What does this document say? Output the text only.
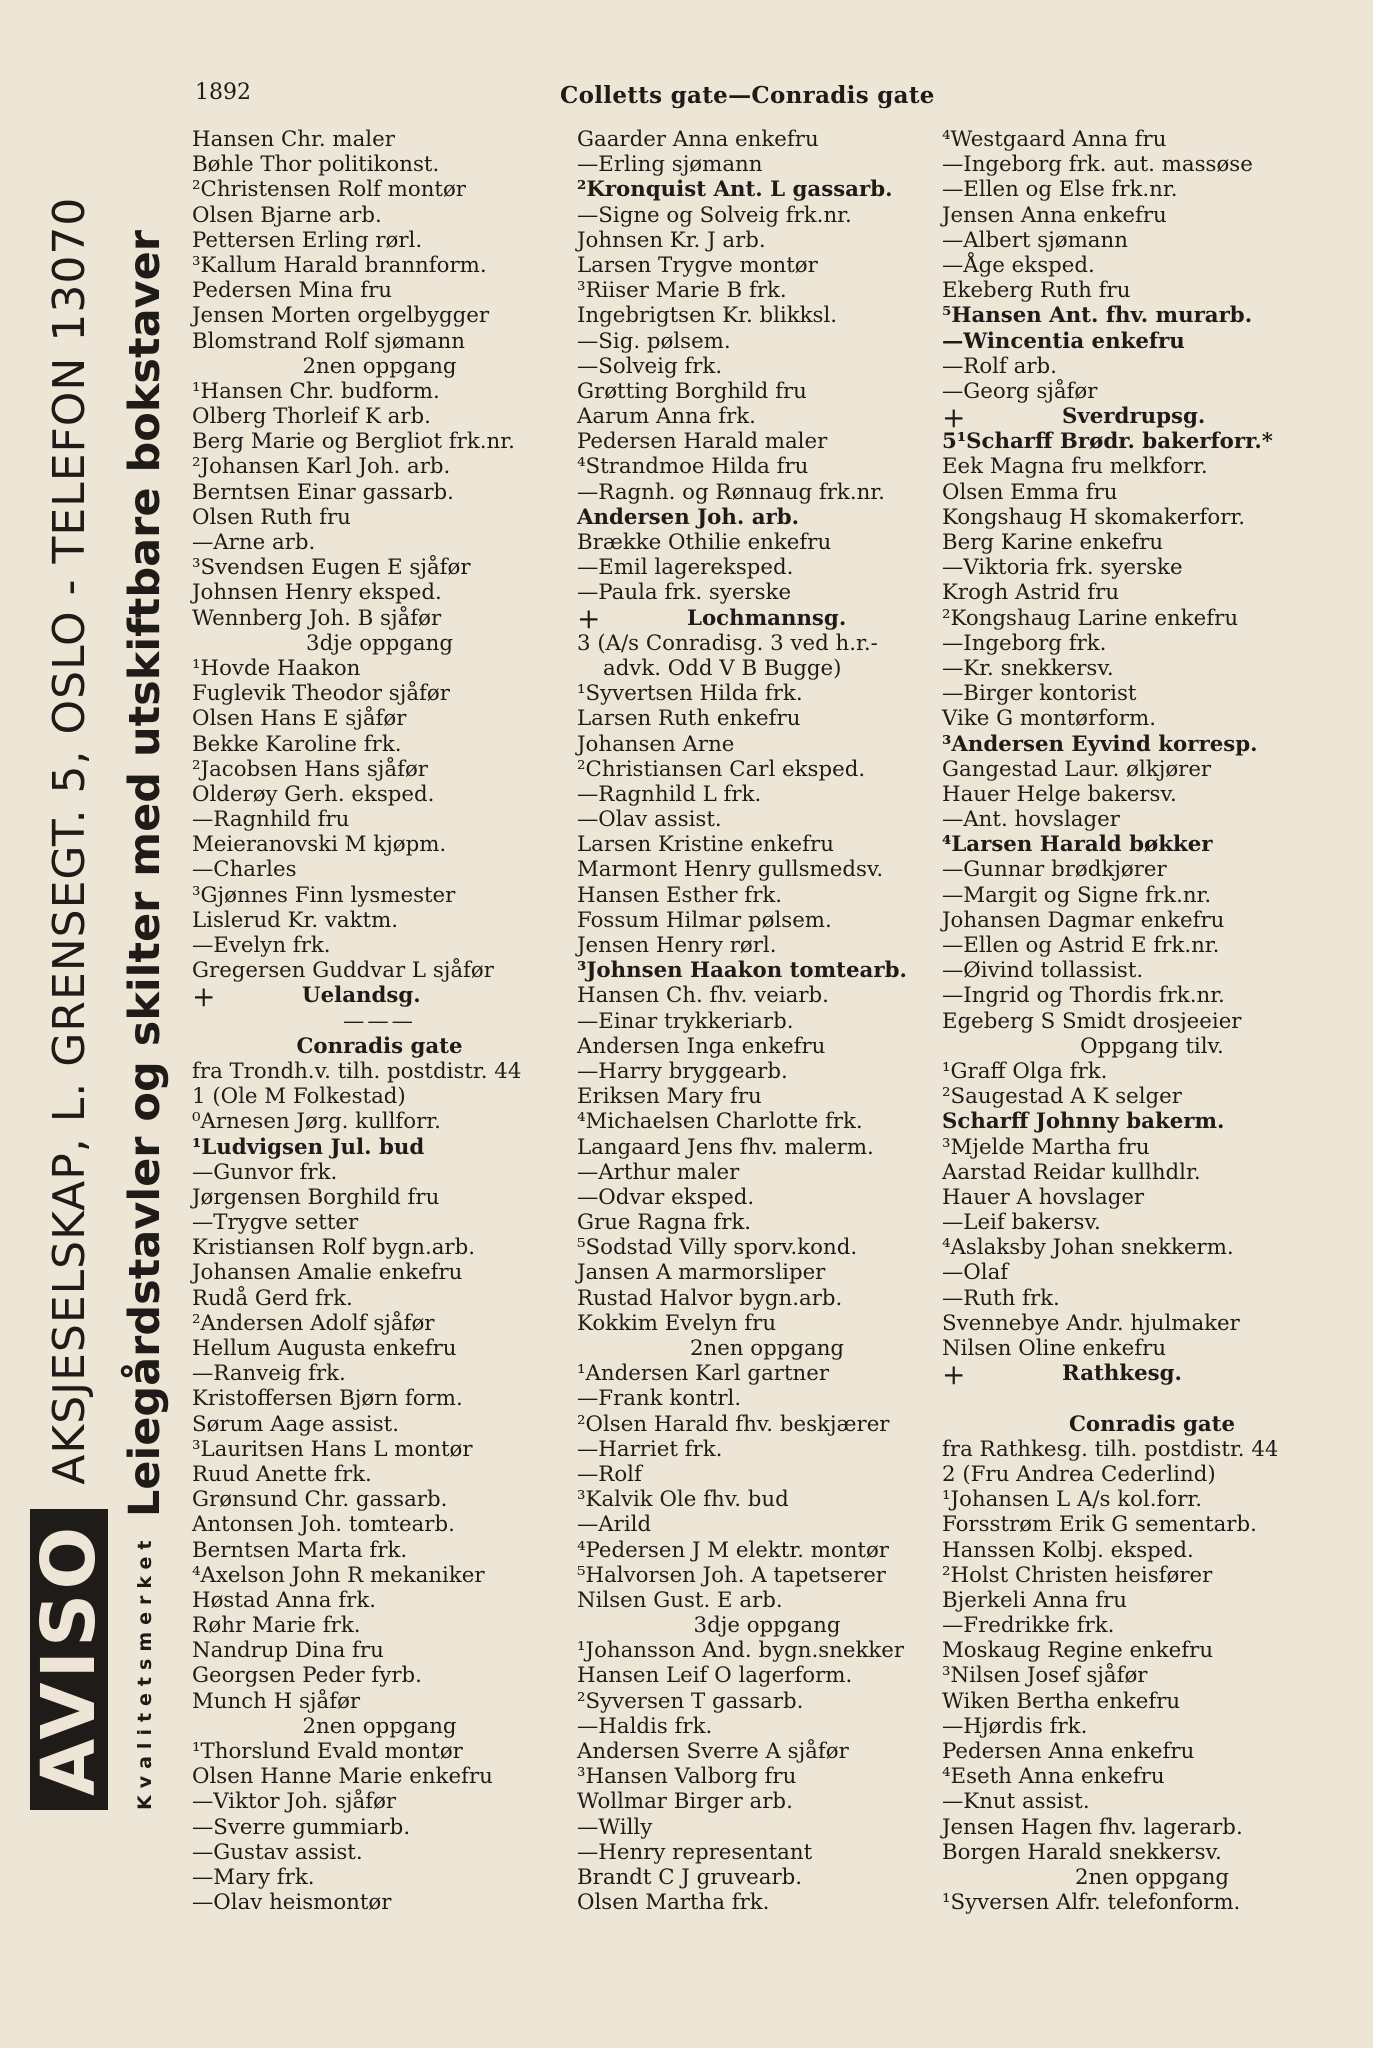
1892	Colletts gate—Conradis gate
AVISO
AKSJESELSKAP, L. GRENSEGT. 5, OSLO - TELEFON 13070
Kvalitetsmerket
Leiegårdstavler og skilter med utskiftbare bokstaver
Hansen Chr. maler
Bøhle Thor politikonst.
²Christensen Rolf montør
Olsen Bjarne arb.
Pettersen Erling rørl.
³Kallum Harald brannform.
Pedersen Mina fru
Jensen Morten orgelbygger
Blomstrand Rolf sjømann
2nen oppgang
¹Hansen Chr. budform.
Olberg Thorleif K arb.
Berg Marie og Bergliot frk.nr.
²Johansen Karl Joh. arb.
Berntsen Einar gassarb.
Olsen Ruth fru
—Arne arb.
³Svendsen Eugen E sjåfør
Johnsen Henry eksped.
Wennberg Joh. B sjåfør
3dje oppgang
¹Hovde Haakon
Fuglevik Theodor sjåfør
Olsen Hans E sjåfør
Bekke Karoline frk.
²Jacobsen Hans sjåfør
Olderøy Gerh. eksped.
—Ragnhild fru
Meieranovski M kjøpm.
—Charles
³Gjønnes Finn lysmester
Lislerud Kr. vaktm.
—Evelyn frk.
Gregersen Guddvar L sjåfør
+	Uelandsg.
———
Conradis gate
fra Trondh.v. tilh. postdistr. 44
1 (Ole M Folkestad)
⁰Arnesen Jørg. kullforr.
¹Ludvigsen Jul. bud
—Gunvor frk.
Jørgensen Borghild fru
—Trygve setter
Kristiansen Rolf bygn.arb.
Johansen Amalie enkefru
Rudå Gerd frk.
²Andersen Adolf sjåfør
Hellum Augusta enkefru
—Ranveig frk.
Kristoffersen Bjørn form.
Sørum Aage assist.
³Lauritsen Hans L montør
Ruud Anette frk.
Grønsund Chr. gassarb.
Antonsen Joh. tomtearb.
Berntsen Marta frk.
⁴Axelson John R mekaniker
Høstad Anna frk.
Røhr Marie frk.
Nandrup Dina fru
Georgsen Peder fyrb.
Munch H sjåfør
2nen oppgang
¹Thorslund Evald montør
Olsen Hanne Marie enkefru
—Viktor Joh. sjåfør
—Sverre gummiarb.
—Gustav assist.
—Mary frk.
—Olav heismontør
Gaarder Anna enkefru
—Erling sjømann
²Kronquist Ant. L gassarb.
—Signe og Solveig frk.nr.
Johnsen Kr. J arb.
Larsen Trygve montør
³Riiser Marie B frk.
Ingebrigtsen Kr. blikksl.
—Sig. pølsem.
—Solveig frk.
Grøtting Borghild fru
Aarum Anna frk.
Pedersen Harald maler
⁴Strandmoe Hilda fru
—Ragnh. og Rønnaug frk.nr.
Andersen Joh. arb.
Brække Othilie enkefru
—Emil lagereksped.
—Paula frk. syerske
+	Lochmannsg.
3 (A/s Conradisg. 3 ved h.r.-
advk. Odd V B Bugge)
¹Syvertsen Hilda frk.
Larsen Ruth enkefru
Johansen Arne
²Christiansen Carl eksped.
—Ragnhild L frk.
—Olav assist.
Larsen Kristine enkefru
Marmont Henry gullsmedsv.
Hansen Esther frk.
Fossum Hilmar pølsem.
Jensen Henry rørl.
³Johnsen Haakon tomtearb.
Hansen Ch. fhv. veiarb.
—Einar trykkeriarb.
Andersen Inga enkefru
—Harry bryggearb.
Eriksen Mary fru
⁴Michaelsen Charlotte frk.
Langaard Jens fhv. malerm.
—Arthur maler
—Odvar eksped.
Grue Ragna frk.
⁵Sodstad Villy sporv.kond.
Jansen A marmorsliper
Rustad Halvor bygn.arb.
Kokkim Evelyn fru
2nen oppgang
¹Andersen Karl gartner
—Frank kontrl.
²Olsen Harald fhv. beskjærer
—Harriet frk.
—Rolf
³Kalvik Ole fhv. bud
—Arild
⁴Pedersen J M elektr. montør
⁵Halvorsen Joh. A tapetserer
Nilsen Gust. E arb.
3dje oppgang
¹Johansson And. bygn.snekker
Hansen Leif O lagerform.
²Syversen T gassarb.
—Haldis frk.
Andersen Sverre A sjåfør
³Hansen Valborg fru
Wollmar Birger arb.
—Willy
—Henry representant
Brandt C J gruvearb.
Olsen Martha frk.
⁴Westgaard Anna fru
—Ingeborg frk. aut. massøse
—Ellen og Else frk.nr.
Jensen Anna enkefru
—Albert sjømann
—Åge eksped.
Ekeberg Ruth fru
⁵Hansen Ant. fhv. murarb.
—Wincentia enkefru
—Rolf arb.
—Georg sjåfør
+	Sverdrupsg.
5¹Scharff Brødr. bakerforr.*
Eek Magna fru melkforr.
Olsen Emma fru
Kongshaug H skomakerforr.
Berg Karine enkefru
—Viktoria frk. syerske
Krogh Astrid fru
²Kongshaug Larine enkefru
—Ingeborg frk.
—Kr. snekkersv.
—Birger kontorist
Vike G montørform.
³Andersen Eyvind korresp.
Gangestad Laur. ølkjører
Hauer Helge bakersv.
—Ant. hovslager
⁴Larsen Harald bøkker
—Gunnar brødkjører
—Margit og Signe frk.nr.
Johansen Dagmar enkefru
—Ellen og Astrid E frk.nr.
—Øivind tollassist.
—Ingrid og Thordis frk.nr.
Egeberg S Smidt drosjeeier
Oppgang tilv.
¹Graff Olga frk.
²Saugestad A K selger
Scharff Johnny bakerm.
³Mjelde Martha fru
Aarstad Reidar kullhdlr.
Hauer A hovslager
—Leif bakersv.
⁴Aslaksby Johan snekkerm.
—Olaf
—Ruth frk.
Svennebye Andr. hjulmaker
Nilsen Oline enkefru
+	Rathkesg.
Conradis gate
fra Rathkesg. tilh. postdistr. 44
2 (Fru Andrea Cederlind)
¹Johansen L A/s kol.forr.
Forsstrøm Erik G sementarb.
Hanssen Kolbj. eksped.
²Holst Christen heisfører
Bjerkeli Anna fru
—Fredrikke frk.
Moskaug Regine enkefru
³Nilsen Josef sjåfør
Wiken Bertha enkefru
—Hjørdis frk.
Pedersen Anna enkefru
⁴Eseth Anna enkefru
—Knut assist.
Jensen Hagen fhv. lagerarb.
Borgen Harald snekkersv.
2nen oppgang
¹Syversen Alfr. telefonform.
